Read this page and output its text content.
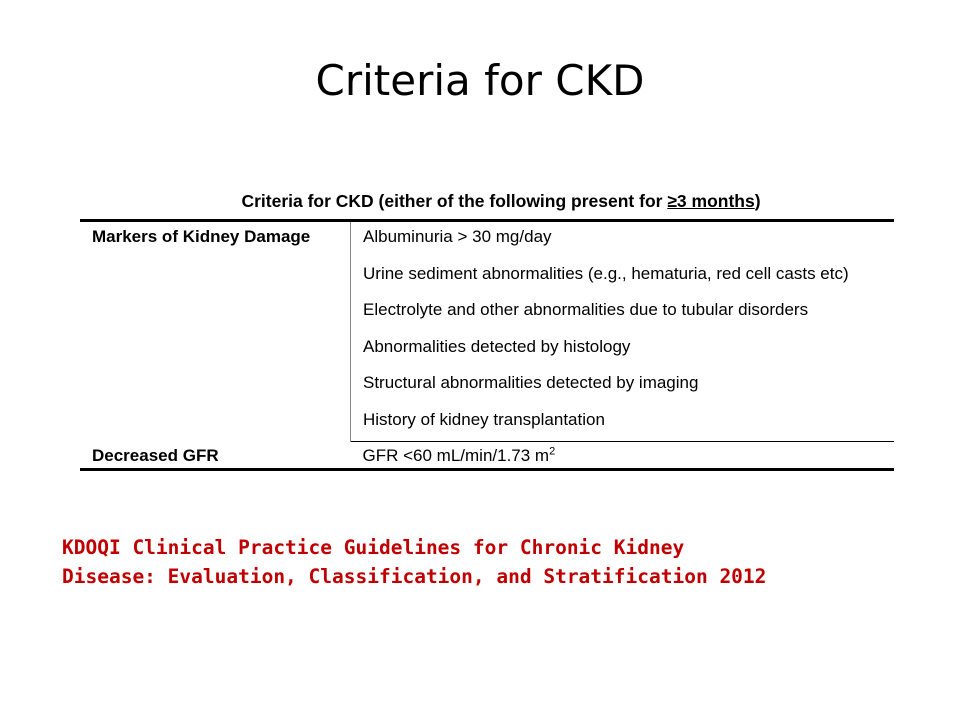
Criteria for CKD
Criteria for CKD (either of the following present for ≥3 months)
Markers of Kidney Damage	Albuminuria > 30 mg/day
	Urine sediment abnormalities (e.g., hematuria, red cell casts etc)
	Electrolyte and other abnormalities due to tubular disorders
	Abnormalities detected by histology
	Structural abnormalities detected by imaging
	History of kidney transplantation
Decreased GFR	GFR <60 mL/min/1.73 $m^2$
KDOQI Clinical Practice Guidelines for Chronic Kidney
Disease: Evaluation, Classification, and Stratification 2012
